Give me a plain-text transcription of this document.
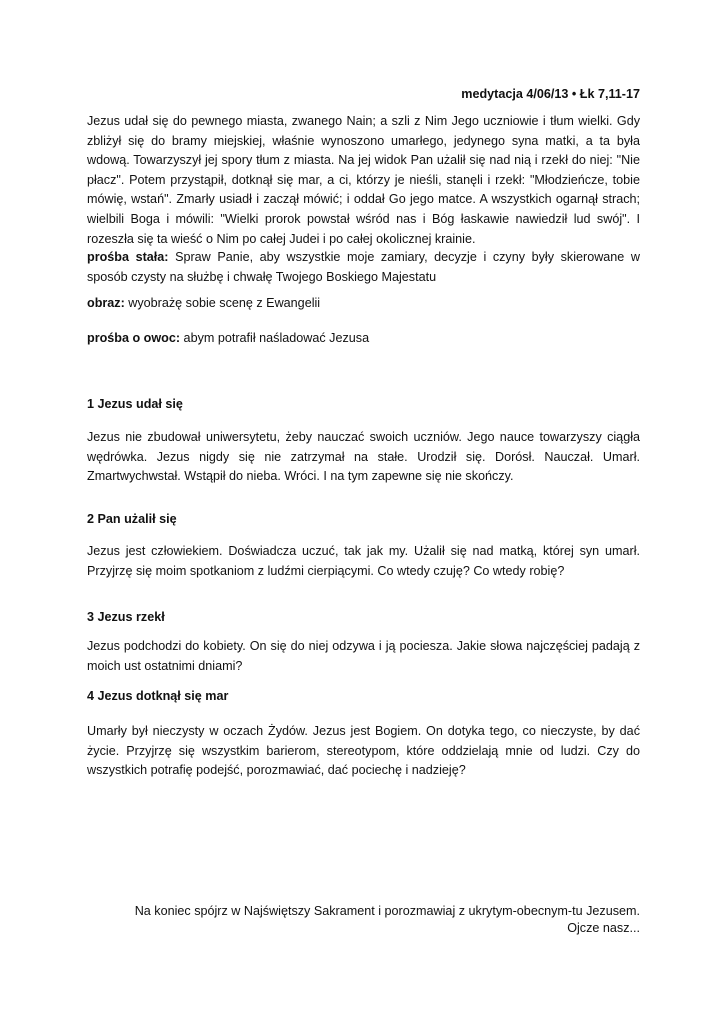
medytacja 4/06/13 • Łk 7,11-17

Jezus udał się do pewnego miasta, zwanego Nain; a szli z Nim Jego uczniowie i tłum wielki. Gdy zbliżył się do bramy miejskiej, właśnie wynoszono umarłego, jedynego syna matki, a ta była wdową. Towarzyszył jej spory tłum z miasta. Na jej widok Pan użalił się nad nią i rzekł do niej: "Nie płacz". Potem przystąpił, dotknął się mar, a ci, którzy je nieśli, stanęli i rzekł: "Młodzieńcze, tobie mówię, wstań". Zmarły usiadł i zaczął mówić; i oddał Go jego matce. A wszystkich ogarnął strach; wielbili Boga i mówili: "Wielki prorok powstał wśród nas i Bóg łaskawie nawiedził lud swój". I rozeszła się ta wieść o Nim po całej Judei i po całej okolicznej krainie.

prośba stała: Spraw Panie, aby wszystkie moje zamiary, decyzje i czyny były skierowane w sposób czysty na służbę i chwałę Twojego Boskiego Majestatu

obraz: wyobrażę sobie scenę z Ewangelii

prośba o owoc: abym potrafił naśladować Jezusa

1 Jezus udał się

Jezus nie zbudował uniwersytetu, żeby nauczać swoich uczniów. Jego nauce towarzyszy ciągła wędrówka. Jezus nigdy się nie zatrzymał na stałe. Urodził się. Dorósł. Nauczał. Umarł. Zmartwychwstał. Wstąpił do nieba. Wróci. I na tym zapewne się nie skończy.

2 Pan użalił się

Jezus jest człowiekiem. Doświadcza uczuć, tak jak my. Użalił się nad matką, której syn umarł. Przyjrzę się moim spotkaniom z ludźmi cierpiącymi. Co wtedy czuję? Co wtedy robię?

3 Jezus rzekł

Jezus podchodzi do kobiety. On się do niej odzywa i ją pociesza. Jakie słowa najczęściej padają z moich ust ostatnimi dniami?

4 Jezus dotknął się mar

Umarły był nieczysty w oczach Żydów. Jezus jest Bogiem. On dotyka tego, co nieczyste, by dać życie. Przyjrzę się wszystkim barierom, stereotypom, które oddzielają mnie od ludzi. Czy do wszystkich potrafię podejść, porozmawiać, dać pociechę i nadzieję?

Na koniec spójrz w Najświętszy Sakrament i porozmawiaj z ukrytym-obecnym-tu Jezusem.

Ojcze nasz...
